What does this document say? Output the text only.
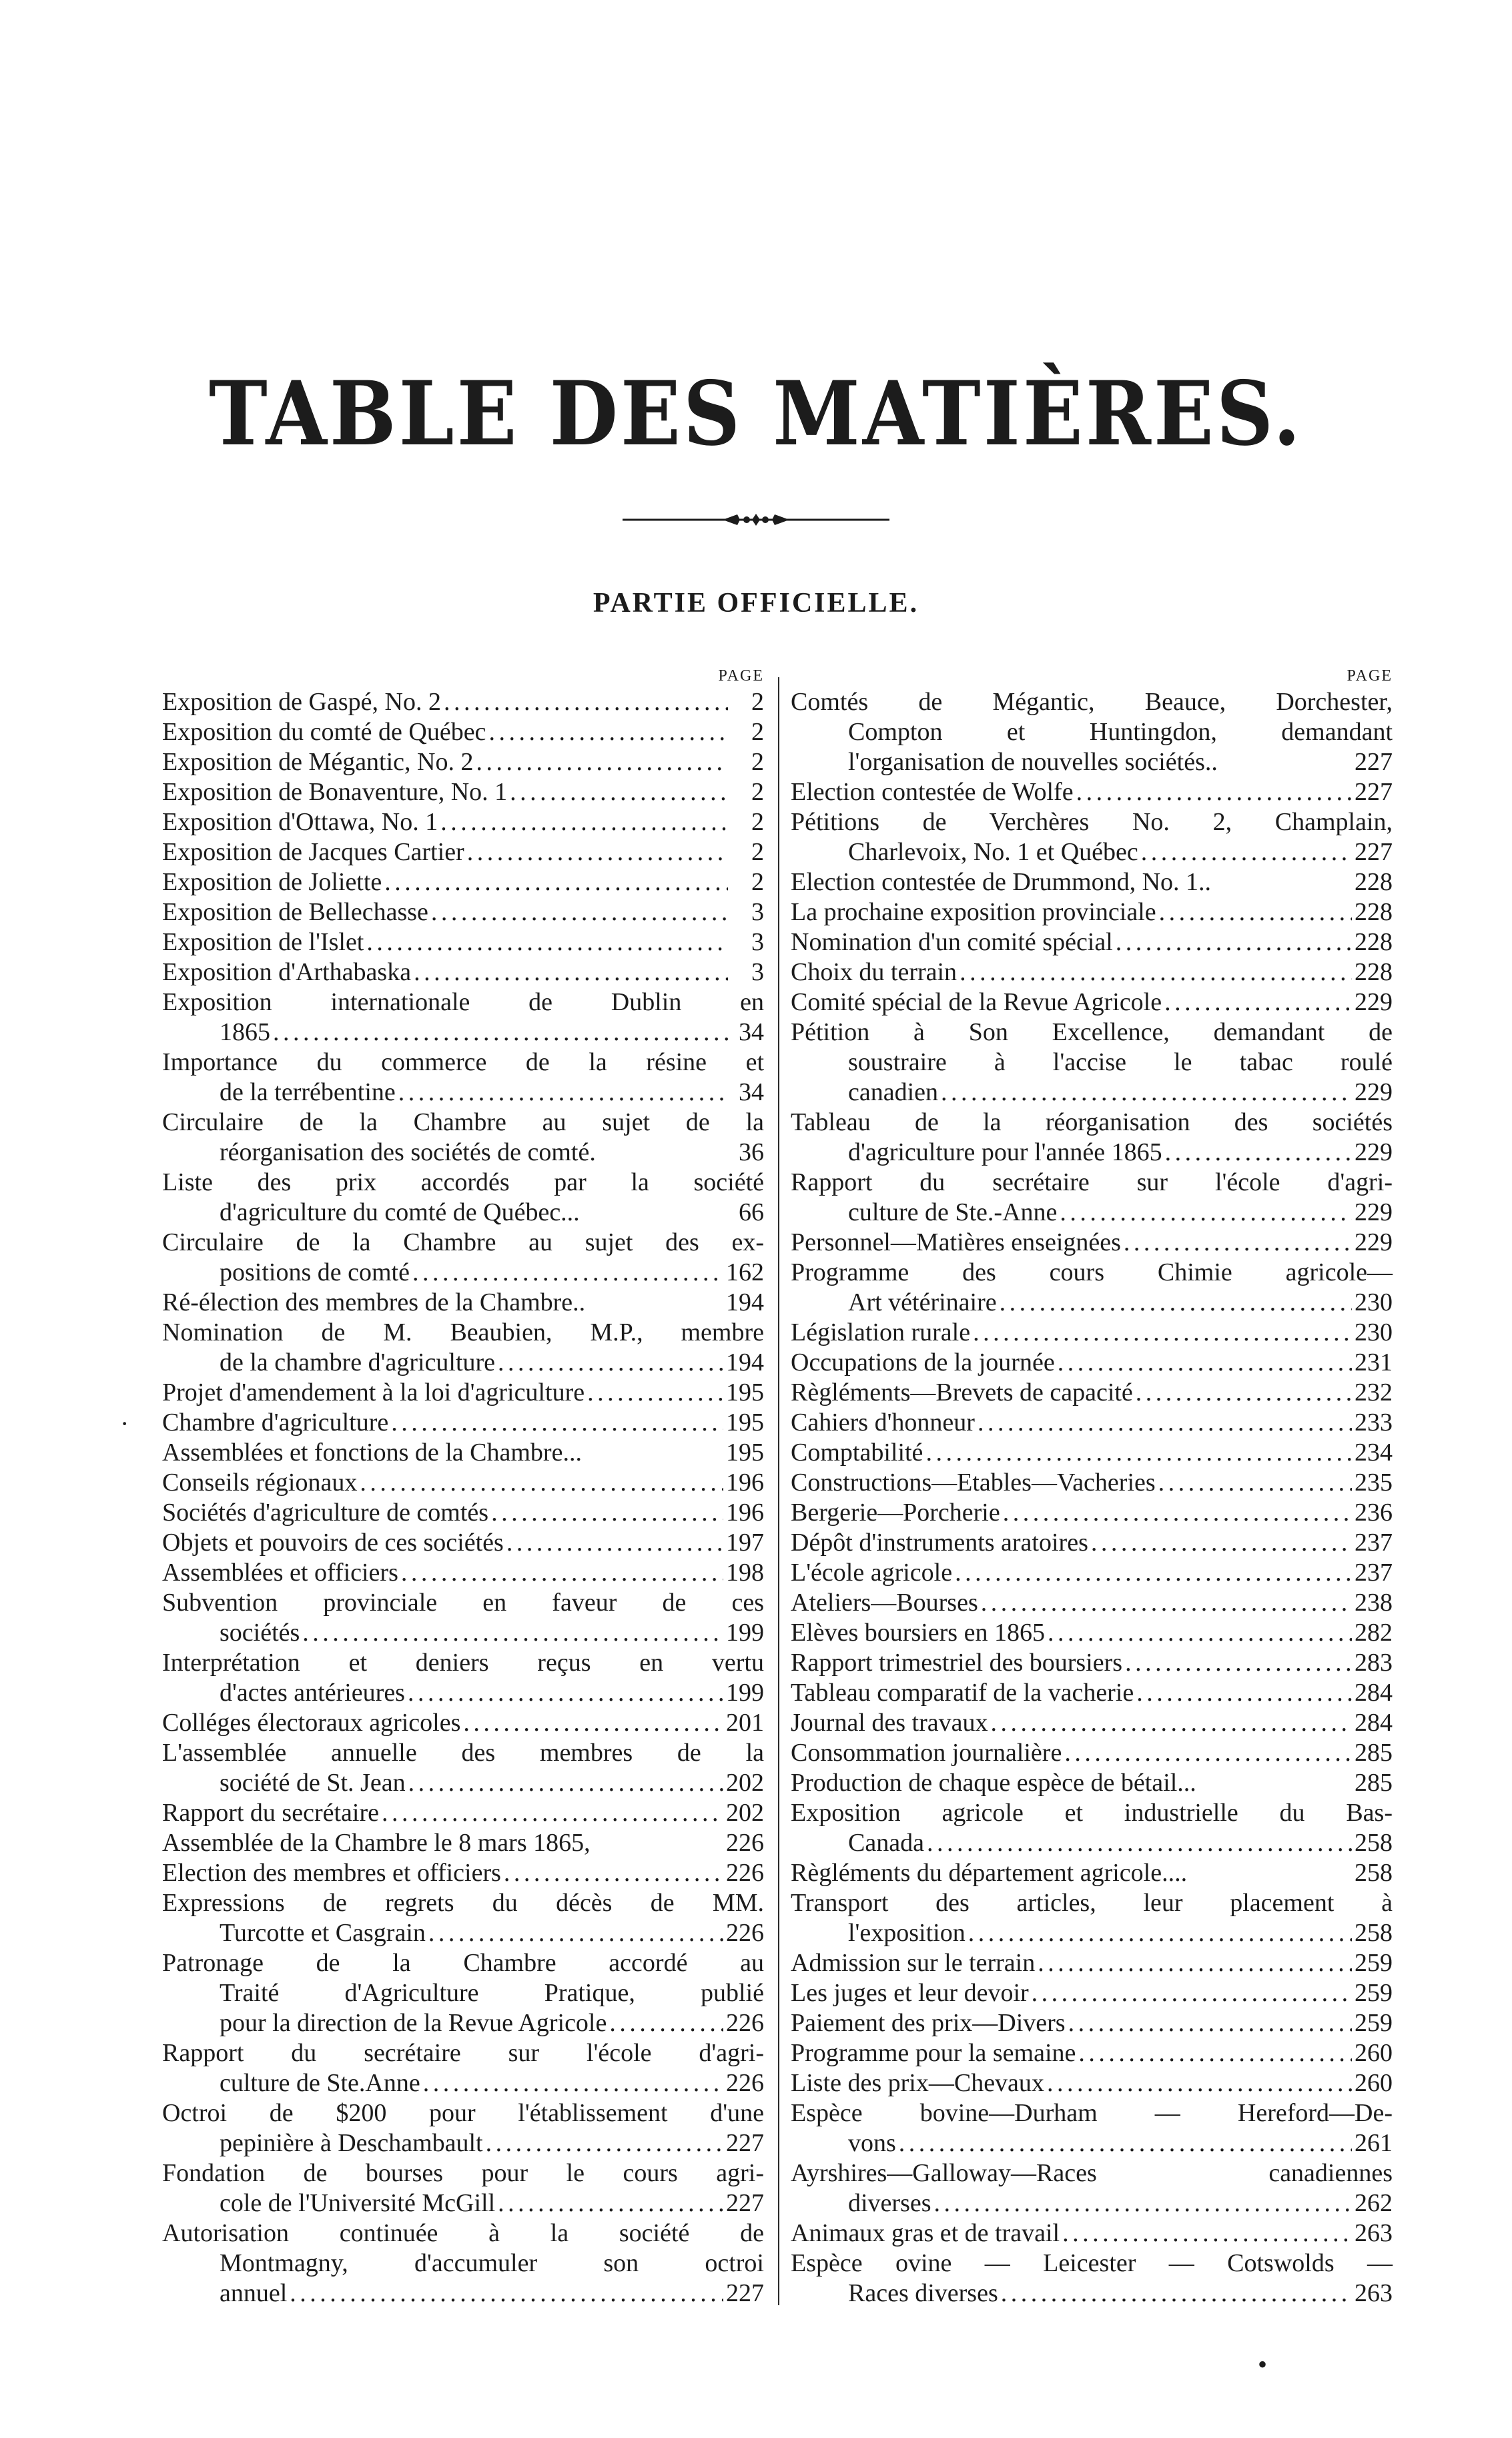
TABLE DES MATIÈRES.
PARTIE OFFICIELLE.
PAGE
Exposition de Gaspé, No. 2 . . .	2
Exposition du comté de Québec . . .	2
Exposition de Mégantic, No. 2 . . .	2
Exposition de Bonaventure, No. 1 . . .	2
Exposition d'Ottawa, No. 1 . . .	2
Exposition de Jacques Cartier . . .	2
Exposition de Joliette . . .	2
Exposition de Bellechasse . . .	3
Exposition de l'Islet . . .	3
Exposition d'Arthabaska . . .	3
Exposition internationale de Dublin en
1865 . . .	34
Importance du commerce de la résine et
de la terrébentine . . .	34
Circulaire de la Chambre au sujet de la
réorganisation des sociétés de comté.	36
Liste des prix accordés par la société
d'agriculture du comté de Québec...	66
Circulaire de la Chambre au sujet des ex-
positions de comté . . .	162
Ré-élection des membres de la Chambre..	194
Nomination de M. Beaubien, M.P., membre
de la chambre d'agriculture . . .	194
Projet d'amendement à la loi d'agriculture . . .	195
Chambre d'agriculture . . .	195
Assemblées et fonctions de la Chambre...	195
Conseils régionaux . . .	196
Sociétés d'agriculture de comtés . . .	196
Objets et pouvoirs de ces sociétés . . .	197
Assemblées et officiers . . .	198
Subvention provinciale en faveur de ces
sociétés . . .	199
Interprétation et deniers reçus en vertu
d'actes antérieures . . .	199
Colléges électoraux agricoles . . .	201
L'assemblée annuelle des membres de la
société de St. Jean . . .	202
Rapport du secrétaire . . .	202
Assemblée de la Chambre le 8 mars 1865,	226
Election des membres et officiers . . .	226
Expressions de regrets du décès de MM.
Turcotte et Casgrain . . .	226
Patronage de la Chambre accordé au
Traité d'Agriculture Pratique, publié
pour la direction de la Revue Agricole . . .	226
Rapport du secrétaire sur l'école d'agri-
culture de Ste.Anne . . .	226
Octroi de $200 pour l'établissement d'une
pepinière à Deschambault . . .	227
Fondation de bourses pour le cours agri-
cole de l'Université McGill . . .	227
Autorisation continuée à la société de
Montmagny, d'accumuler son octroi
annuel . . .	227
PAGE
Comtés de Mégantic, Beauce, Dorchester,
Compton et Huntingdon, demandant
l'organisation de nouvelles sociétés..	227
Election contestée de Wolfe . . .	227
Pétitions de Verchères No. 2, Champlain,
Charlevoix, No. 1 et Québec . . .	227
Election contestée de Drummond, No. 1..	228
La prochaine exposition provinciale . . .	228
Nomination d'un comité spécial . . .	228
Choix du terrain . . .	228
Comité spécial de la Revue Agricole . . .	229
Pétition à Son Excellence, demandant de
soustraire à l'accise le tabac roulé
canadien . . .	229
Tableau de la réorganisation des sociétés
d'agriculture pour l'année 1865 . . .	229
Rapport du secrétaire sur l'école d'agri-
culture de Ste.-Anne . . .	229
Personnel—Matières enseignées . . .	229
Programme des cours Chimie agricole—
Art vétérinaire . . .	230
Législation rurale . . .	230
Occupations de la journée . . .	231
Règléments—Brevets de capacité . . .	232
Cahiers d'honneur . . .	233
Comptabilité . . .	234
Constructions—Etables—Vacheries . . .	235
Bergerie—Porcherie . . .	236
Dépôt d'instruments aratoires . . .	237
L'école agricole . . .	237
Ateliers—Bourses . . .	238
Elèves boursiers en 1865 . . .	282
Rapport trimestriel des boursiers . . .	283
Tableau comparatif de la vacherie . . .	284
Journal des travaux . . .	284
Consommation journalière . . .	285
Production de chaque espèce de bétail...	285
Exposition agricole et industrielle du Bas-
Canada . . .	258
Règléments du département agricole....	258
Transport des articles, leur placement à
l'exposition . . .	258
Admission sur le terrain . . .	259
Les juges et leur devoir . . .	259
Paiement des prix—Divers . . .	259
Programme pour la semaine . . .	260
Liste des prix—Chevaux . . .	260
Espèce bovine—Durham — Hereford—De-
vons . . .	261
Ayrshires—Galloway—Races canadiennes
diverses . . .	262
Animaux gras et de travail . . .	263
Espèce ovine — Leicester — Cotswolds —
Races diverses . . .	263
·
•
